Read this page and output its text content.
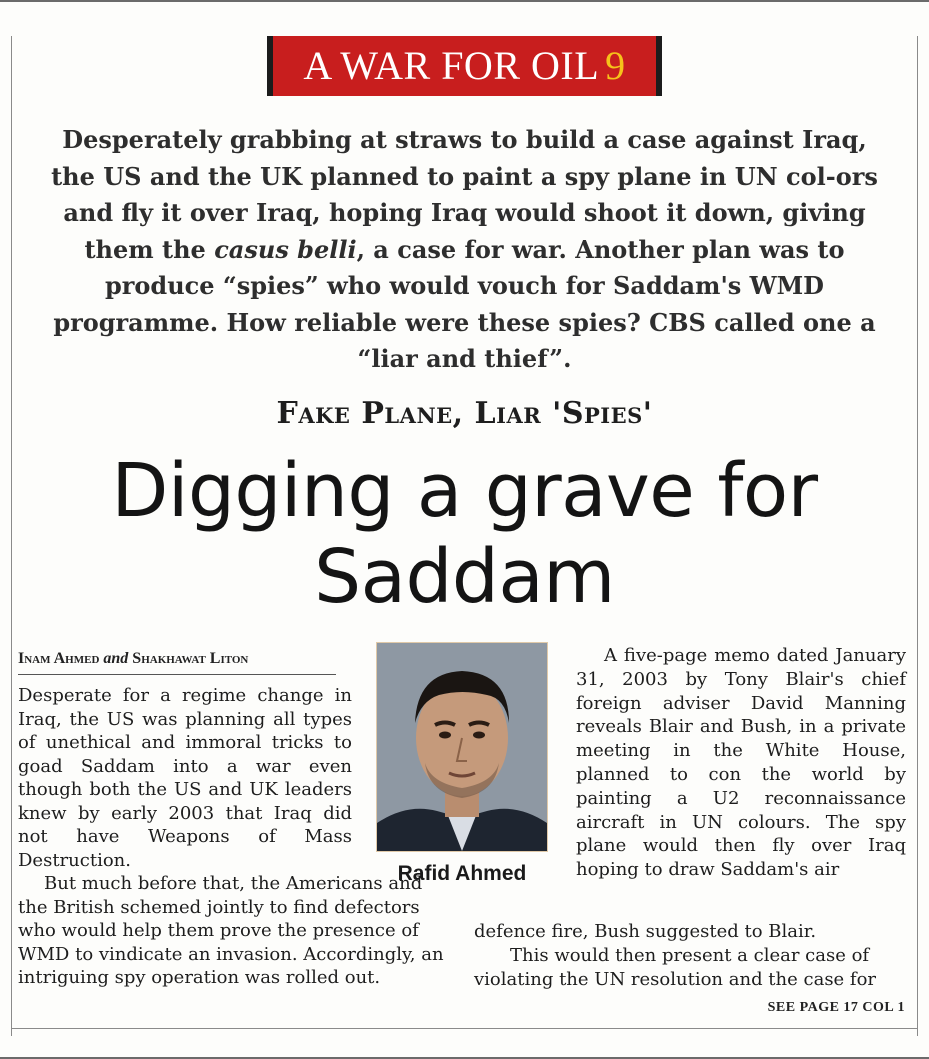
A WAR FOR OIL 9
Desperately grabbing at straws to build a case against Iraq, the US and the UK planned to paint a spy plane in UN col-ors and fly it over Iraq, hoping Iraq would shoot it down, giving them the casus belli, a case for war. Another plan was to produce “spies” who would vouch for Saddam's WMD programme. How reliable were these spies? CBS called one a “liar and thief”.
Fake Plane, Liar 'Spies'
Digging a grave for Saddam
Inam Ahmed and Shakhawat Liton

Desperate for a regime change in Iraq, the US was planning all types of unethical and immoral tricks to goad Saddam into a war even though both the US and UK leaders knew by early 2003 that Iraq did not have Weapons of Mass Destruction.

But much before that, the Americans and the British schemed jointly to find defectors who would help them prove the presence of WMD to vindicate an invasion. Accordingly, an intriguing spy operation was rolled out.

Rafid Ahmed

A five-page memo dated January 31, 2003 by Tony Blair's chief foreign adviser David Manning reveals Blair and Bush, in a private meeting in the White House, planned to con the world by painting a U2 reconnaissance aircraft in UN colours. The spy plane would then fly over Iraq hoping to draw Saddam's air

defence fire, Bush suggested to Blair.

This would then present a clear case of violating the UN resolution and the case for

SEE PAGE 17 COL 1
